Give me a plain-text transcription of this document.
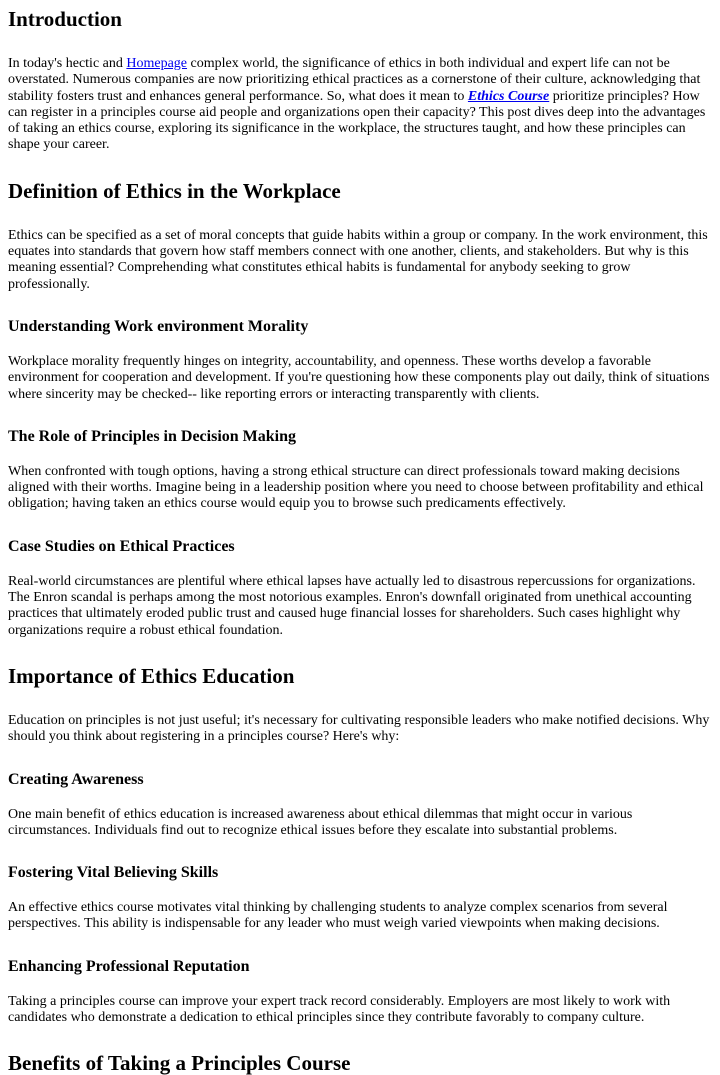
Introduction

In today's hectic and Homepage complex world, the significance of ethics in both individual and expert life can not be overstated. Numerous companies are now prioritizing ethical practices as a cornerstone of their culture, acknowledging that stability fosters trust and enhances general performance. So, what does it mean to Ethics Course prioritize principles? How can register in a principles course aid people and organizations open their capacity? This post dives deep into the advantages of taking an ethics course, exploring its significance in the workplace, the structures taught, and how these principles can shape your career.

Definition of Ethics in the Workplace

Ethics can be specified as a set of moral concepts that guide habits within a group or company. In the work environment, this equates into standards that govern how staff members connect with one another, clients, and stakeholders. But why is this meaning essential? Comprehending what constitutes ethical habits is fundamental for anybody seeking to grow professionally.

Understanding Work environment Morality

Workplace morality frequently hinges on integrity, accountability, and openness. These worths develop a favorable environment for cooperation and development. If you're questioning how these components play out daily, think of situations where sincerity may be checked-- like reporting errors or interacting transparently with clients.

The Role of Principles in Decision Making

When confronted with tough options, having a strong ethical structure can direct professionals toward making decisions aligned with their worths. Imagine being in a leadership position where you need to choose between profitability and ethical obligation; having taken an ethics course would equip you to browse such predicaments effectively.

Case Studies on Ethical Practices

Real-world circumstances are plentiful where ethical lapses have actually led to disastrous repercussions for organizations. The Enron scandal is perhaps among the most notorious examples. Enron's downfall originated from unethical accounting practices that ultimately eroded public trust and caused huge financial losses for shareholders. Such cases highlight why organizations require a robust ethical foundation.

Importance of Ethics Education

Education on principles is not just useful; it's necessary for cultivating responsible leaders who make notified decisions. Why should you think about registering in a principles course? Here's why:

Creating Awareness

One main benefit of ethics education is increased awareness about ethical dilemmas that might occur in various circumstances. Individuals find out to recognize ethical issues before they escalate into substantial problems.

Fostering Vital Believing Skills

An effective ethics course motivates vital thinking by challenging students to analyze complex scenarios from several perspectives. This ability is indispensable for any leader who must weigh varied viewpoints when making decisions.

Enhancing Professional Reputation

Taking a principles course can improve your expert track record considerably. Employers are most likely to work with candidates who demonstrate a dedication to ethical principles since they contribute favorably to company culture.

Benefits of Taking a Principles Course
